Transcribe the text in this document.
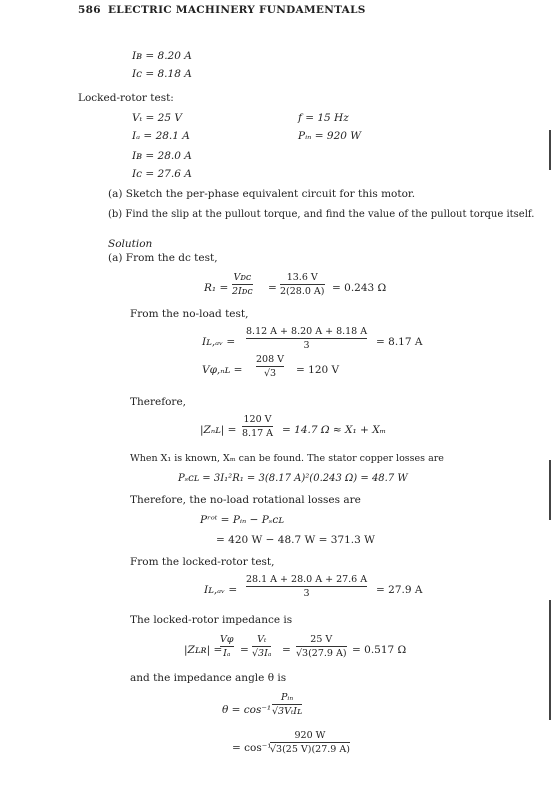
586 ELECTRIC MACHINERY FUNDAMENTALS
Iʙ = 8.20 A
Iᴄ = 8.18 A
Locked-rotor test:
Vₜ = 25 V	f = 15 Hz
Iₐ = 28.1 A	Pᵢₙ = 920 W
Iʙ = 28.0 A
Iᴄ = 27.6 A
(a) Sketch the per-phase equivalent circuit for this motor.
(b) Find the slip at the pullout torque, and find the value of the pullout torque itself.
Solution
(a) From the dc test,
R₁ =
Vᴅᴄ
2Iᴅᴄ =
13.6 V
2(28.0 A) = 0.243 Ω
From the no-load test,
Iʟ,ₐᵥ =
8.12 A + 8.20 A + 8.18 A
3	= 8.17 A
Vφ,ₙʟ =
208 V
√3 = 120 V
Therefore,
|Zₙʟ| =
120 V
8.17 A = 14.7 Ω ≈ X₁ + Xₘ
When X₁ is known, Xₘ can be found. The stator copper losses are
Pₛᴄʟ = 3I₁²R₁ = 3(8.17 A)²(0.243 Ω) = 48.7 W
Therefore, the no-load rotational losses are
Pʳᵒᵗ = Pᵢₙ − Pₛᴄʟ
= 420 W − 48.7 W = 371.3 W
From the locked-rotor test,
Iʟ,ₐᵥ =
28.1 A + 28.0 A + 27.6 A
3	= 27.9 A
The locked-rotor impedance is
|Zʟʀ| =
Vφ
Iₐ =
Vₜ
√3Iₐ =
25 V
√3(27.9 A) = 0.517 Ω
and the impedance angle θ is
θ = cos⁻¹
Pᵢₙ
√3VₜIʟ
= cos⁻¹
920 W
√3(25 V)(27.9 A)
